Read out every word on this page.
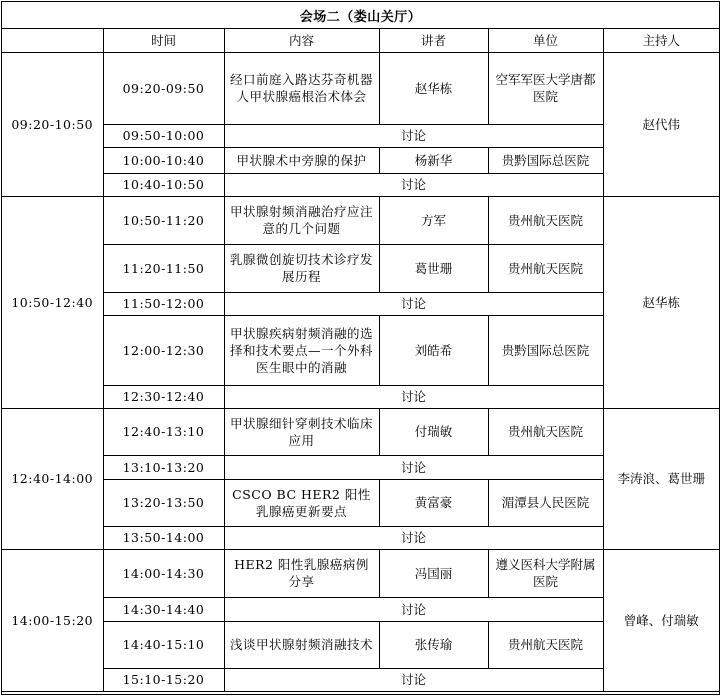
会场二（娄山关厅）
	时间	内容	讲者	单位	主持人
09:20-10:50	09:20-09:50	经口前庭入路达芬奇机器人甲状腺癌根治术体会	赵华栋	空军军医大学唐都医院	赵代伟
	09:50-10:00	讨论			
	10:00-10:40	甲状腺术中旁腺的保护	杨新华	贵黔国际总医院	
	10:40-10:50	讨论			
10:50-12:40	10:50-11:20	甲状腺射频消融治疗应注意的几个问题	方军	贵州航天医院	赵华栋
	11:20-11:50	乳腺微创旋切技术诊疗发展历程	葛世珊	贵州航天医院	
	11:50-12:00	讨论			
	12:00-12:30	甲状腺疾病射频消融的选择和技术要点—一个外科医生眼中的消融	刘皓希	贵黔国际总医院	
	12:30-12:40	讨论			
12:40-14:00	12:40-13:10	甲状腺细针穿刺技术临床应用	付瑞敏	贵州航天医院	李涛浪、葛世珊
	13:10-13:20	讨论			
	13:20-13:50	CSCO BC HER2 阳性乳腺癌更新要点	黄富豪	湄潭县人民医院	
	13:50-14:00	讨论			
14:00-15:20	14:00-14:30	HER2 阳性乳腺癌病例分享	冯国丽	遵义医科大学附属医院	曾峰、付瑞敏
	14:30-14:40	讨论			
	14:40-15:10	浅谈甲状腺射频消融技术	张传瑜	贵州航天医院	
	15:10-15:20	讨论			
